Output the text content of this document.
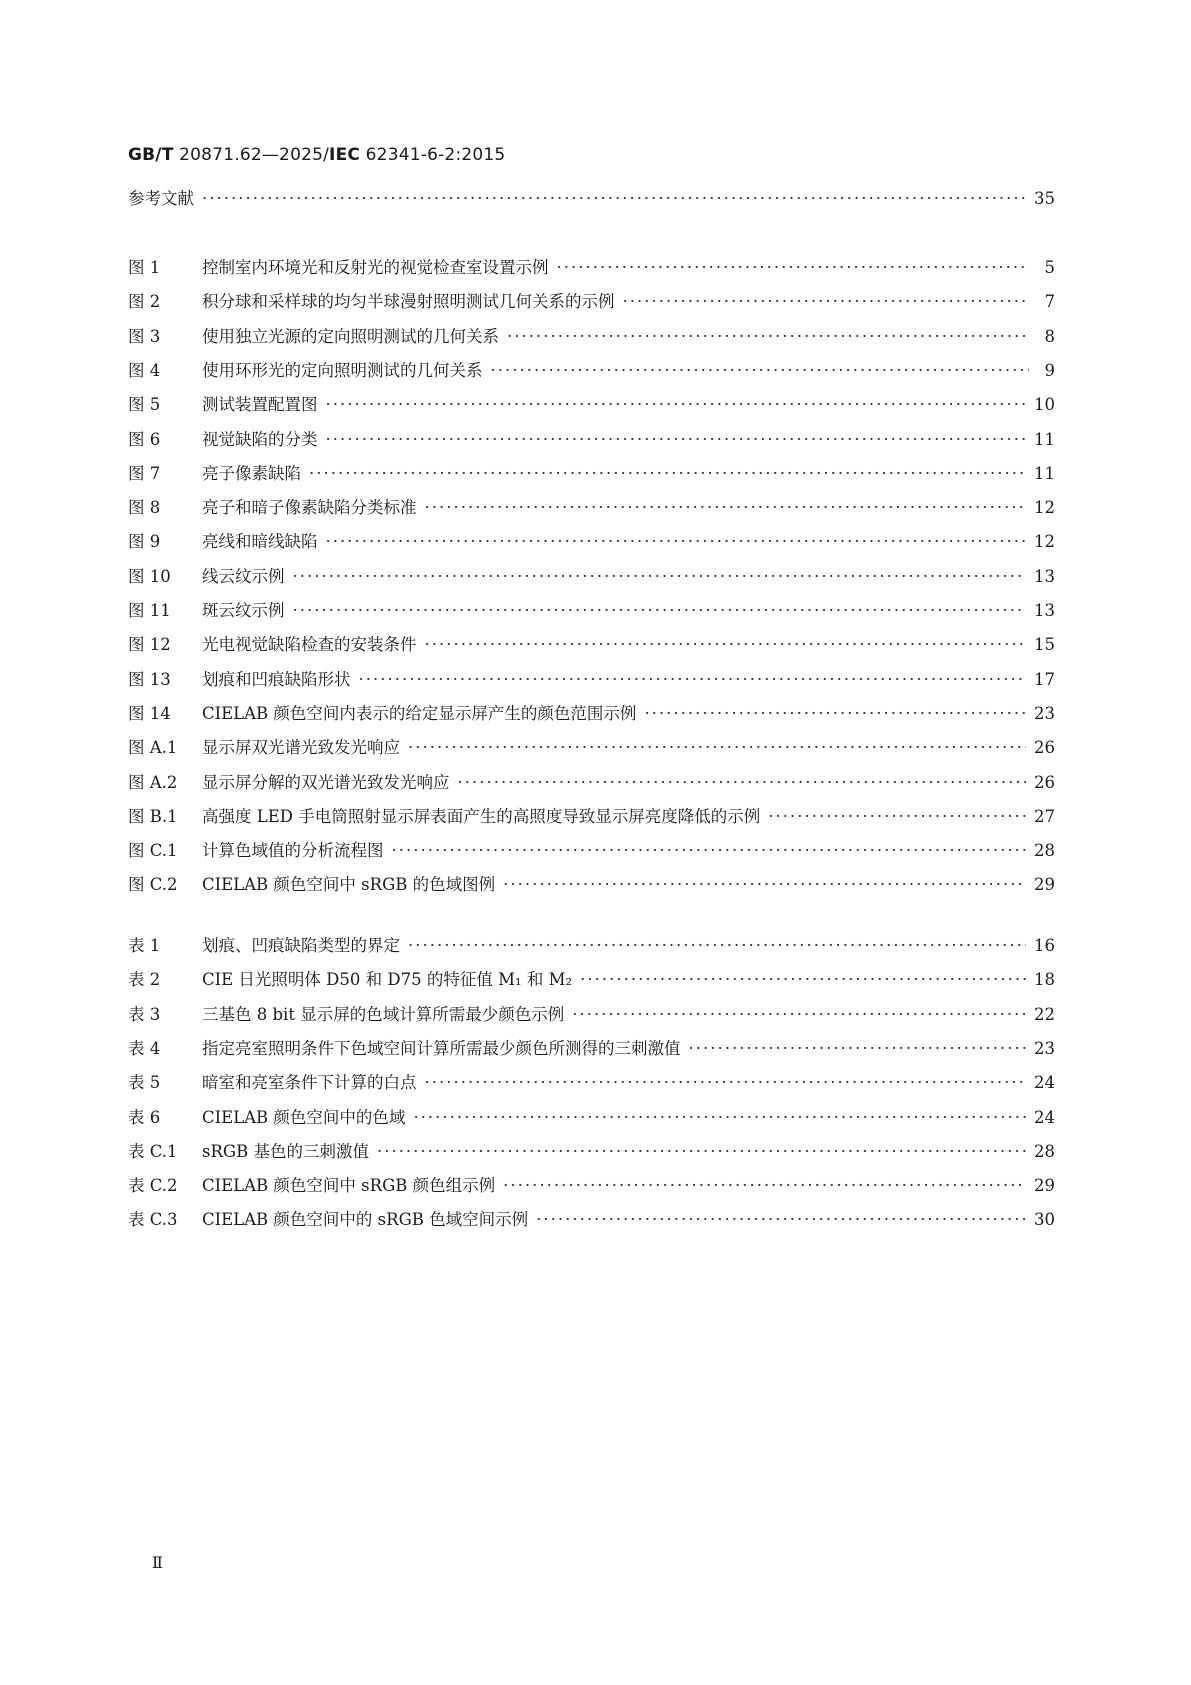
GB/T 20871.62—2025/IEC 62341-6-2:2015
参考文献 ·····	35
图 1	控制室内环境光和反射光的视觉检查室设置示例 ·····	5
图 2	积分球和采样球的均匀半球漫射照明测试几何关系的示例 ·····	7
图 3	使用独立光源的定向照明测试的几何关系 ·····	8
图 4	使用环形光的定向照明测试的几何关系 ·····	9
图 5	测试装置配置图 ·····	10
图 6	视觉缺陷的分类 ·····	11
图 7	亮子像素缺陷 ·····	11
图 8	亮子和暗子像素缺陷分类标准 ·····	12
图 9	亮线和暗线缺陷 ·····	12
图 10	线云纹示例 ·····	13
图 11	斑云纹示例 ·····	13
图 12	光电视觉缺陷检查的安装条件 ·····	15
图 13	划痕和凹痕缺陷形状 ·····	17
图 14	CIELAB 颜色空间内表示的给定显示屏产生的颜色范围示例 ·····	23
图 A.1	显示屏双光谱光致发光响应 ·····	26
图 A.2	显示屏分解的双光谱光致发光响应 ·····	26
图 B.1	高强度 LED 手电筒照射显示屏表面产生的高照度导致显示屏亮度降低的示例 ·····	27
图 C.1	计算色域值的分析流程图 ·····	28
图 C.2	CIELAB 颜色空间中 sRGB 的色域图例 ·····	29
表 1	划痕、凹痕缺陷类型的界定 ·····	16
表 2	CIE 日光照明体 D50 和 D75 的特征值 M₁ 和 M₂ ·····	18
表 3	三基色 8 bit 显示屏的色域计算所需最少颜色示例 ·····	22
表 4	指定亮室照明条件下色域空间计算所需最少颜色所测得的三刺激值 ·····	23
表 5	暗室和亮室条件下计算的白点 ·····	24
表 6	CIELAB 颜色空间中的色域 ·····	24
表 C.1	sRGB 基色的三刺激值 ·····	28
表 C.2	CIELAB 颜色空间中 sRGB 颜色组示例 ·····	29
表 C.3	CIELAB 颜色空间中的 sRGB 色域空间示例 ·····	30
Ⅱ
